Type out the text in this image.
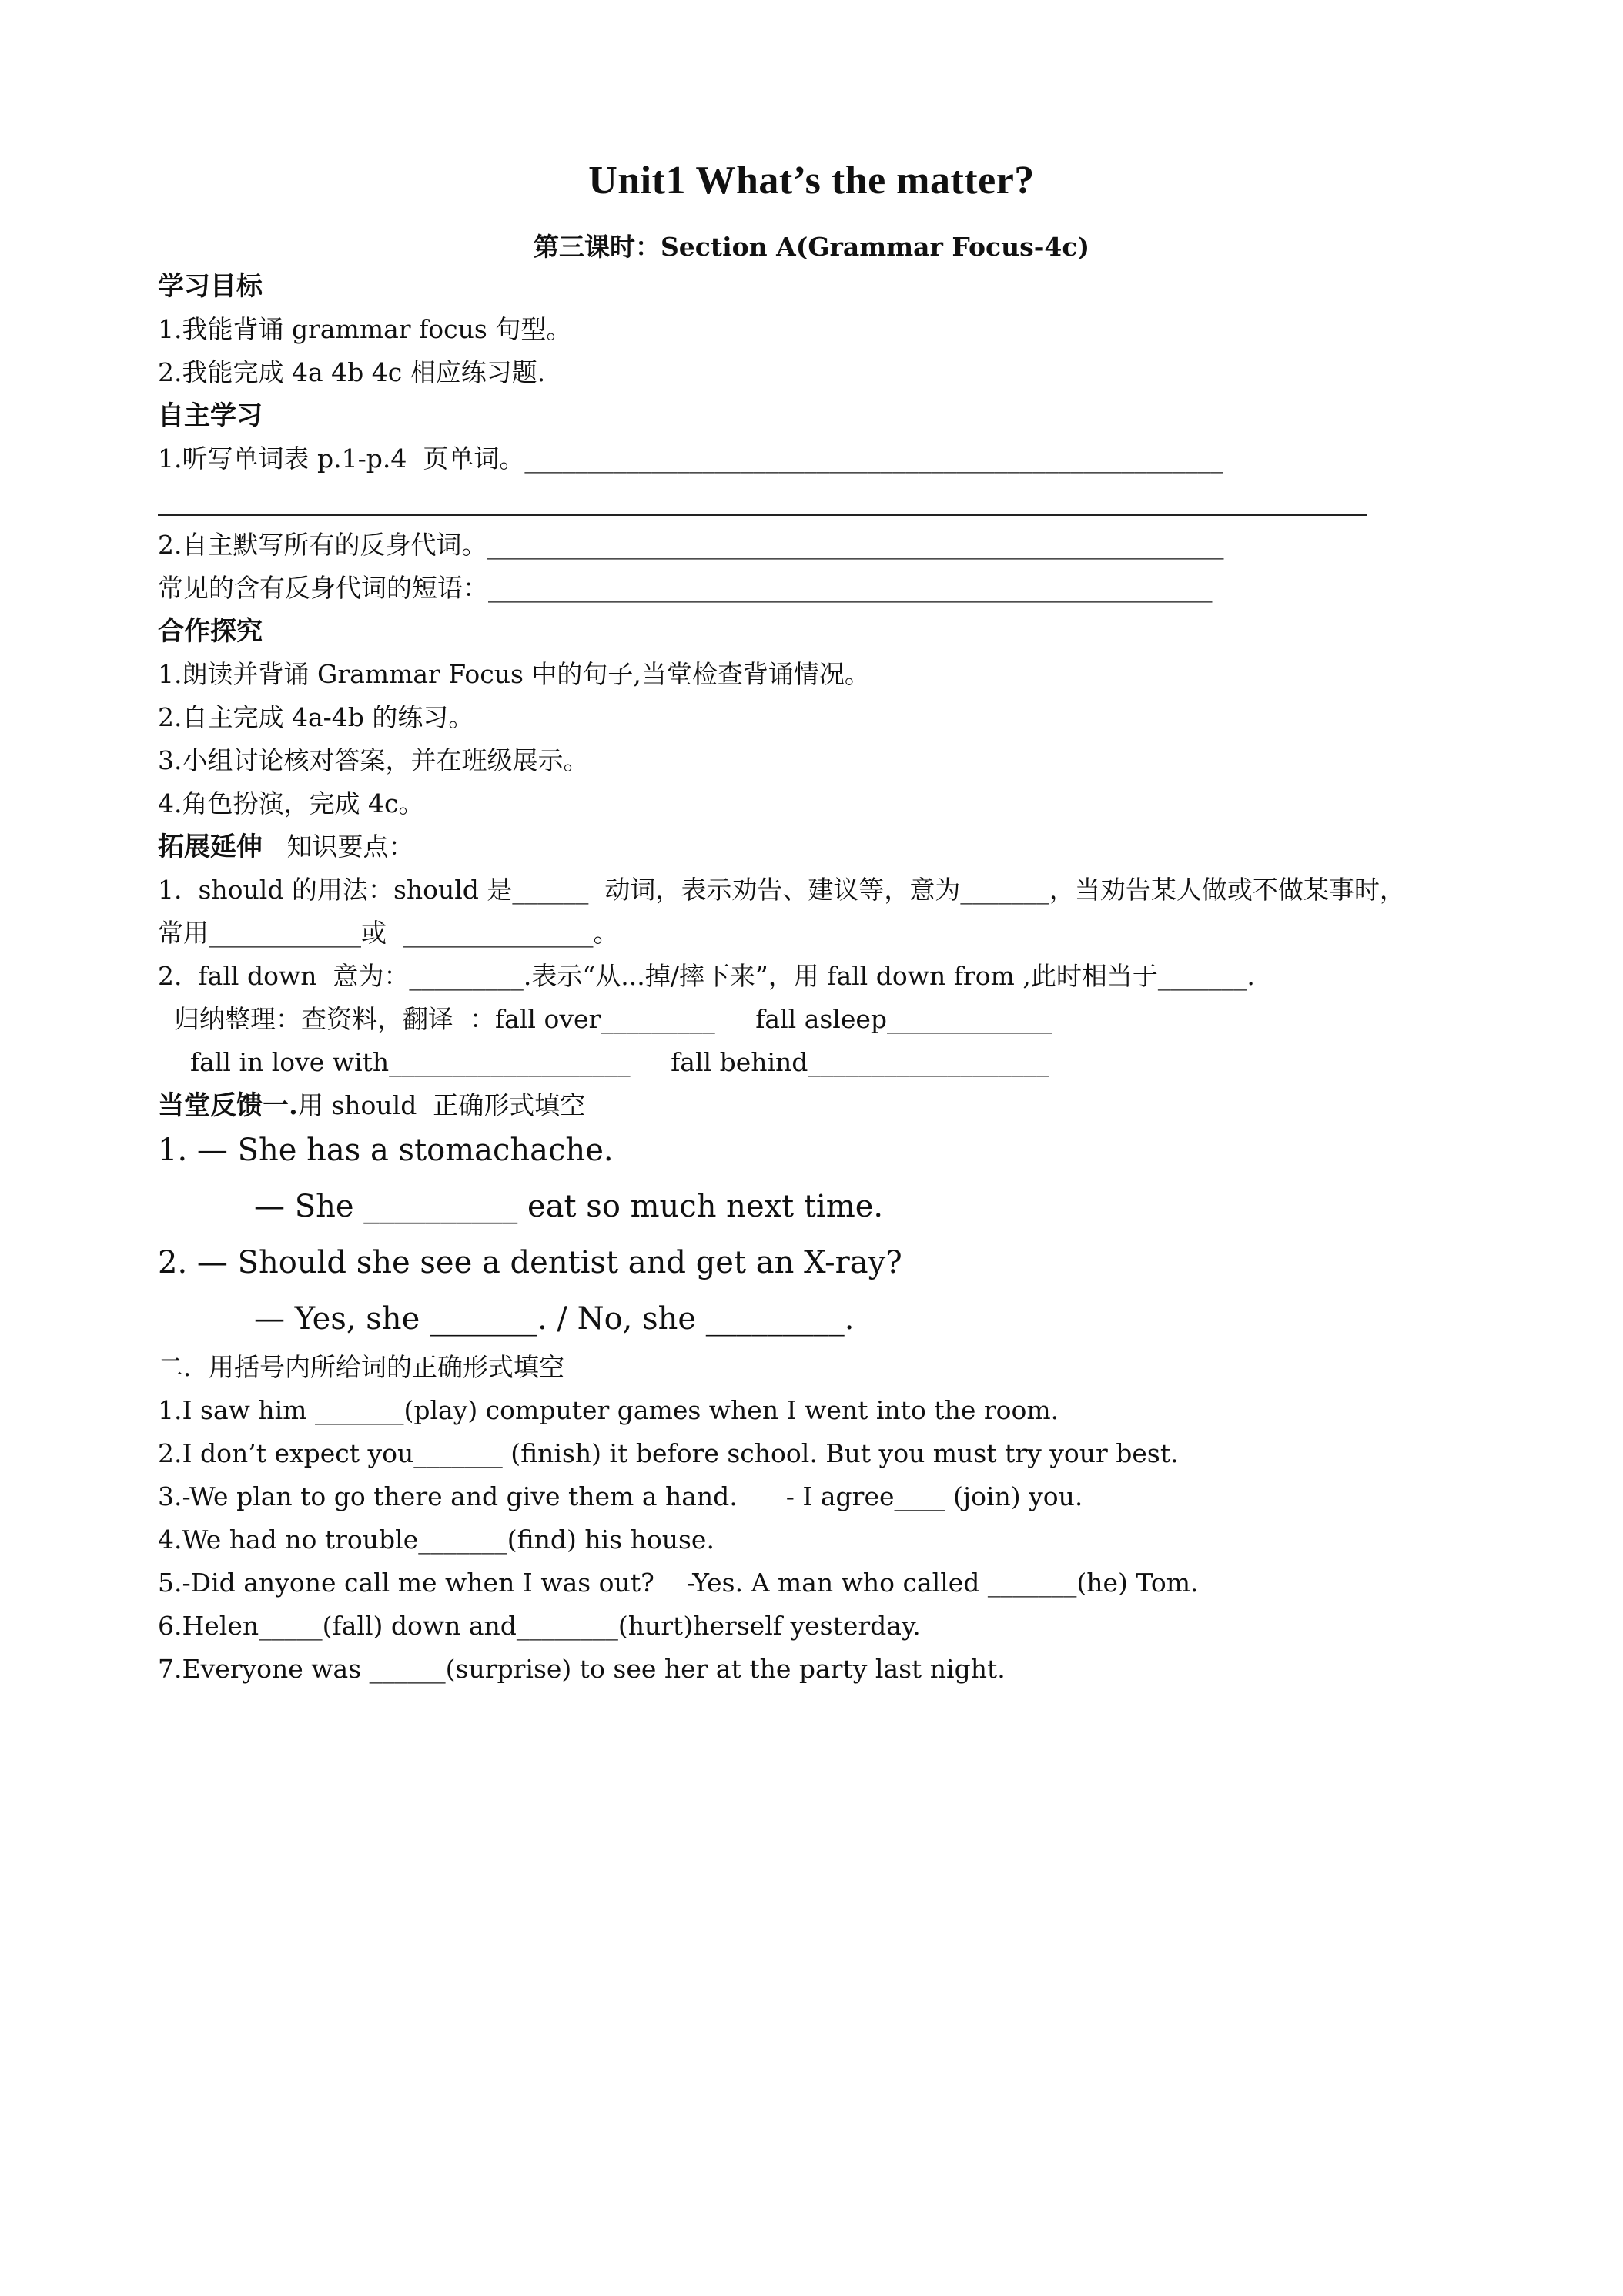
Unit1 What’s the matter?
第三课时：Section A(Grammar Focus-4c)
学习目标
1.我能背诵 grammar focus 句型。
2.我能完成 4a 4b 4c 相应练习题.
自主学习
1.听写单词表 p.1-p.4  页单词。_______________________________________________________
2.自主默写所有的反身代词。__________________________________________________________
常见的含有反身代词的短语：_________________________________________________________
合作探究
1.朗读并背诵 Grammar Focus 中的句子,当堂检查背诵情况。
2.自主完成 4a-4b 的练习。
3.小组讨论核对答案，并在班级展示。
4.角色扮演，完成 4c。
拓展延伸 知识要点：
1.  should 的用法：should 是______  动词，表示劝告、建议等，意为_______，当劝告某人做或不做某事时，
常用____________或  _______________。
2.  fall down  意为：_________.表示“从...掉/摔下来”，用 fall down from ,此时相当于_______.
归纳整理：查资料，翻译  ：fall over_________     fall asleep_____________
fall in love with___________________     fall behind___________________
当堂反馈一.用 should  正确形式填空
1. — She has a stomachache.
— She __________ eat so much next time.
2. — Should she see a dentist and get an X-ray?
— Yes, she _______. / No, she _________.
二．用括号内所给词的正确形式填空
1.I saw him _______(play) computer games when I went into the room.
2.I don’t expect you_______ (finish) it before school. But you must try your best.
3.-We plan to go there and give them a hand.      - I agree____ (join) you.
4.We had no trouble_______(find) his house.
5.-Did anyone call me when I was out?    -Yes. A man who called _______(he) Tom.
6.Helen_____(fall) down and________(hurt)herself yesterday.
7.Everyone was ______(surprise) to see her at the party last night.
